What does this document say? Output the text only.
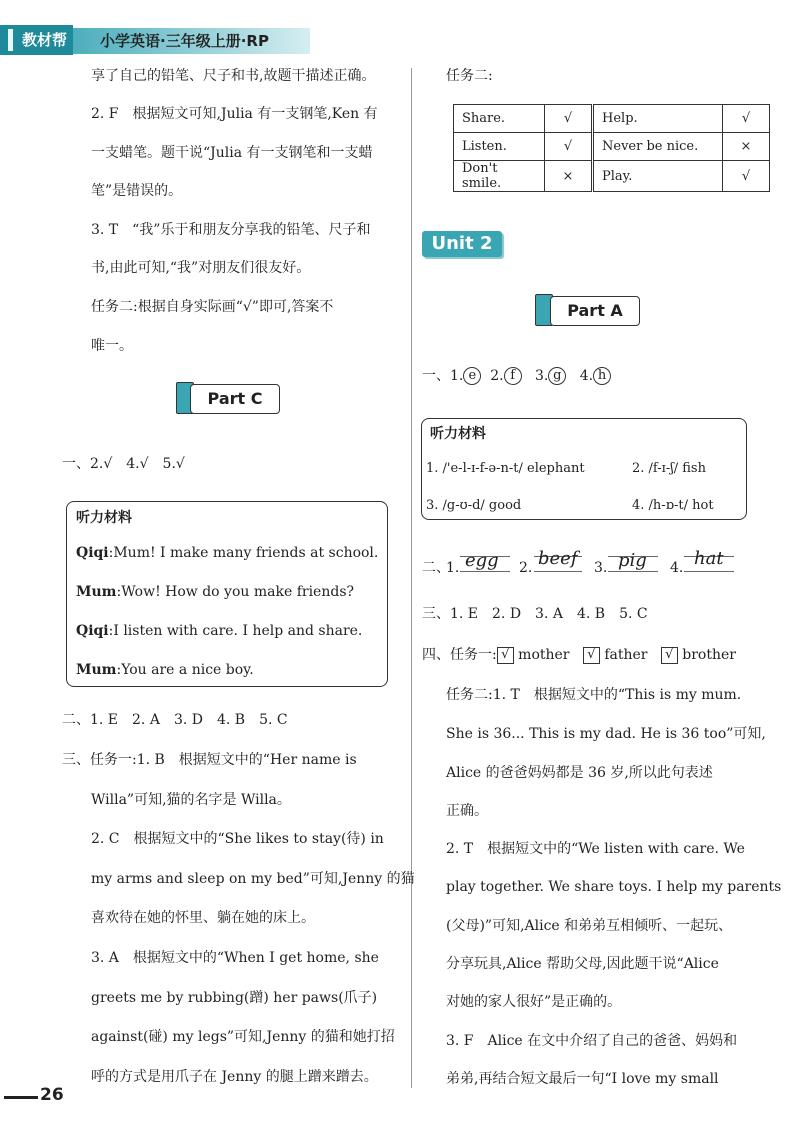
教材帮	小学英语·三年级上册·RP
享了自己的铅笔、尺子和书,故题干描述正确。
2. F　根据短文可知,Julia 有一支钢笔,Ken 有
一支蜡笔。题干说“Julia 有一支钢笔和一支蜡
笔”是错误的。
3. T　“我”乐于和朋友分享我的铅笔、尺子和
书,由此可知,“我”对朋友们很友好。
任务二:根据自身实际画“√”即可,答案不
唯一。
Part C
一、2.√　4.√　5.√
听力材料
Qiqi:Mum! I make many friends at school.
Mum:Wow! How do you make friends?
Qiqi:I listen with care. I help and share.
Mum:You are a nice boy.
二、1. E　2. A　3. D　4. B　5. C
三、任务一:1. B　根据短文中的“Her name is
Willa”可知,猫的名字是 Willa。
2. C　根据短文中的“She likes to stay(待) in
my arms and sleep on my bed”可知,Jenny 的猫
喜欢待在她的怀里、躺在她的床上。
3. A　根据短文中的“When I get home, she
greets me by rubbing(蹭) her paws(爪子)
against(碰) my legs”可知,Jenny 的猫和她打招
呼的方式是用爪子在 Jenny 的腿上蹭来蹭去。
任务二:
Share.	√	Help.	√
Listen.	√	Never be nice.	×
Don't smile.	×	Play.	√
Unit 2
Part A
一、1. e 2. f 3. g 4. h
听力材料
1. /'e-l-ɪ-f-ə-n-t/ elephant	2. /f-ɪ-ʃ/ fish
3. /g-ʊ-d/ good	4. /h-ɒ-t/ hot
二、
1. egg 2. beef 3. pig 4. hat
三、1. E　2. D　3. A　4. B　5. C
四、任务一: √ mother √ father √ brother
任务二:1. T　根据短文中的“This is my mum.
She is 36... This is my dad. He is 36 too”可知,
Alice 的爸爸妈妈都是 36 岁,所以此句表述
正确。
2. T　根据短文中的“We listen with care. We
play together. We share toys. I help my parents
(父母)”可知,Alice 和弟弟互相倾听、一起玩、
分享玩具,Alice 帮助父母,因此题干说“Alice
对她的家人很好”是正确的。
3. F　Alice 在文中介绍了自己的爸爸、妈妈和
弟弟,再结合短文最后一句“I love my small
26
